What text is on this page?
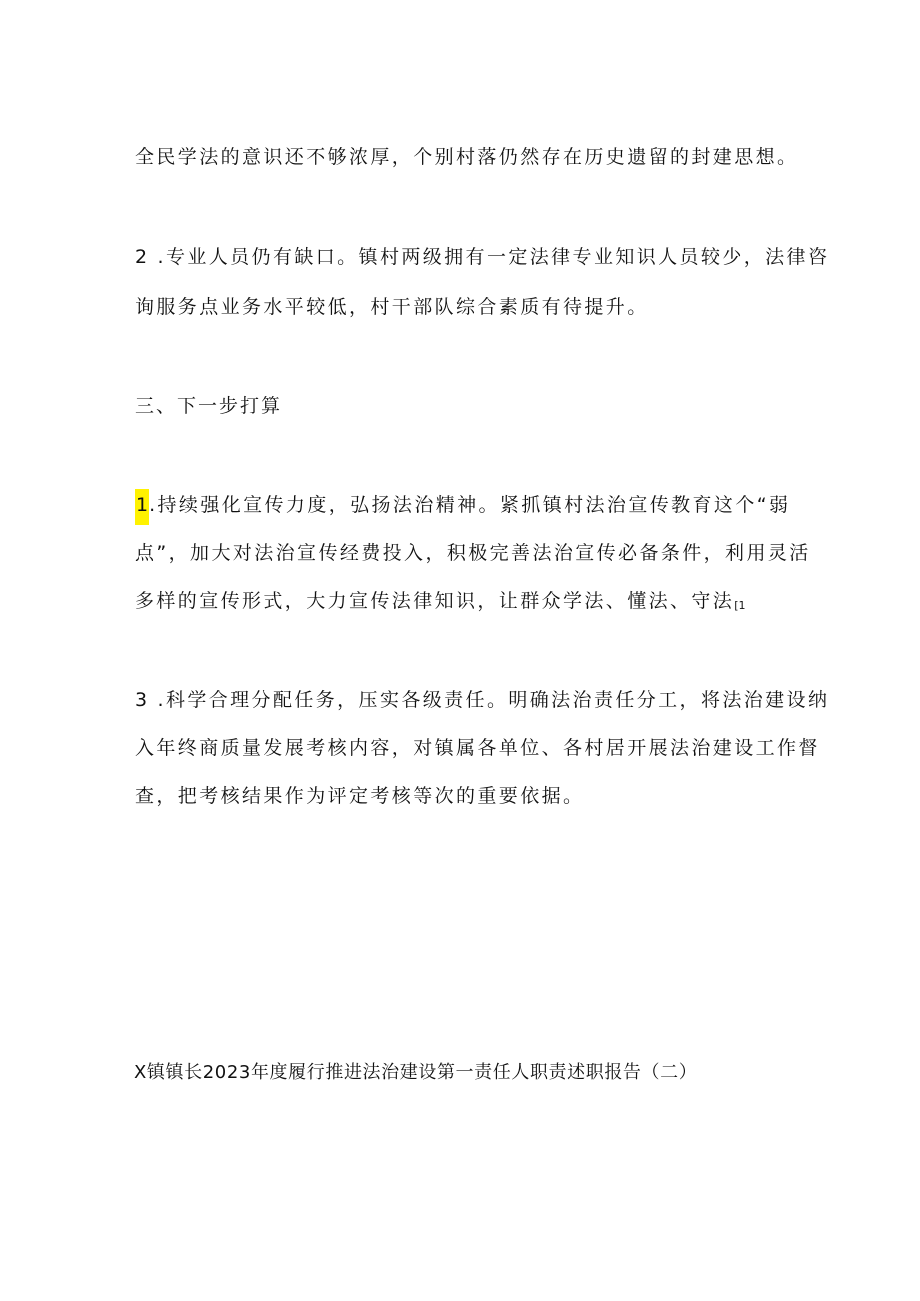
全民学法的意识还不够浓厚，个别村落仍然存在历史遗留的封建思想。
2 .专业人员仍有缺口。镇村两级拥有一定法律专业知识人员较少，法律咨
询服务点业务水平较低，村干部队综合素质有待提升。
三、下一步打算
1.持续强化宣传力度，弘扬法治精神。紧抓镇村法治宣传教育这个“弱
点”，加大对法治宣传经费投入，积极完善法治宣传必备条件，利用灵活
多样的宣传形式，大力宣传法律知识，让群众学法、懂法、守法[1
3 .科学合理分配任务，压实各级责任。明确法治责任分工，将法治建设纳
入年终商质量发展考核内容，对镇属各单位、各村居开展法治建设工作督
查，把考核结果作为评定考核等次的重要依据。
X镇镇长2023年度履行推进法治建设第一责任人职责述职报告（二）
